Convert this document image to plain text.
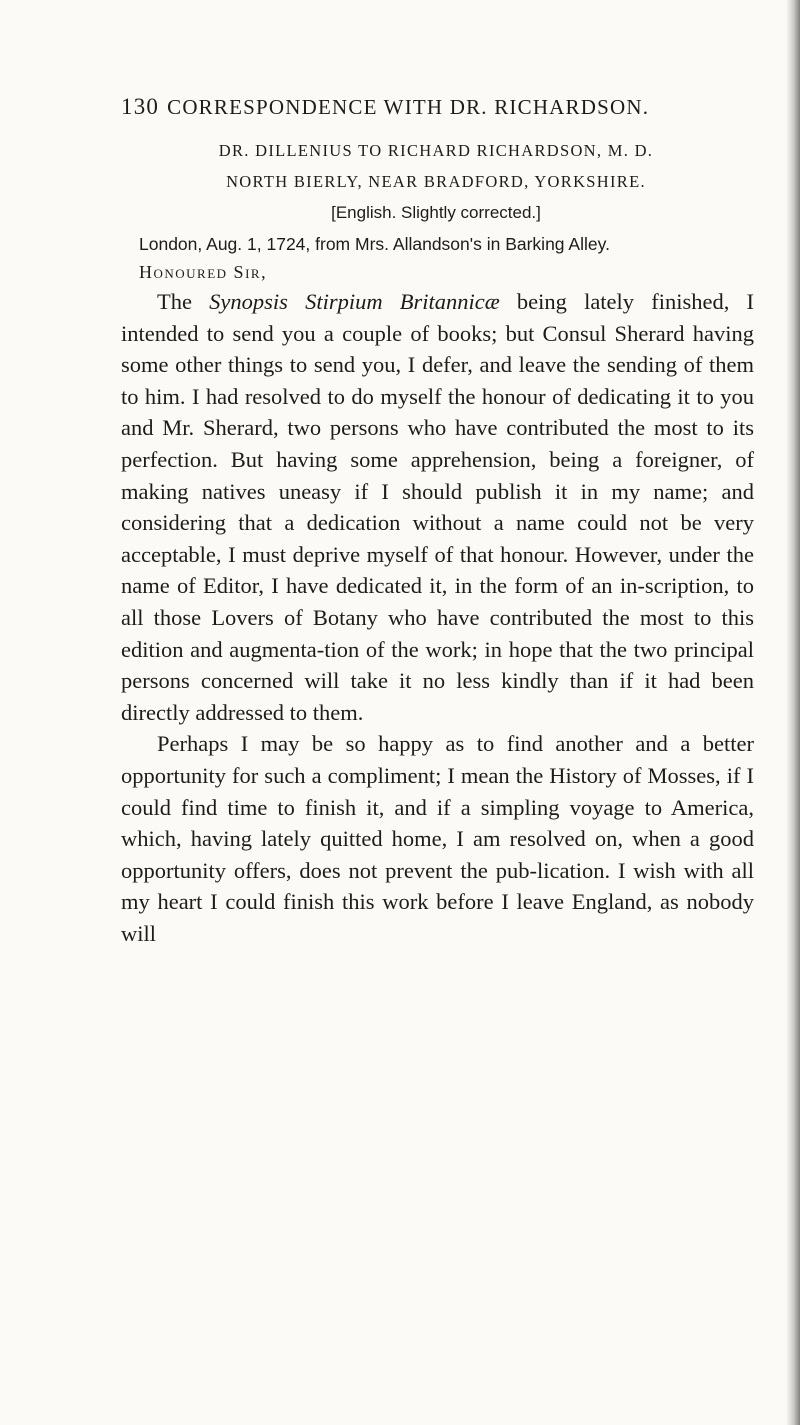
130 CORRESPONDENCE WITH DR. RICHARDSON.
DR. DILLENIUS TO RICHARD RICHARDSON, M. D.
NORTH BIERLY, NEAR BRADFORD, YORKSHIRE.
[English. Slightly corrected.]
London, Aug. 1, 1724, from Mrs. Allandson's in Barking Alley.
Honoured Sir,

The Synopsis Stirpium Britannicæ being lately finished, I intended to send you a couple of books; but Consul Sherard having some other things to send you, I defer, and leave the sending of them to him. I had resolved to do myself the honour of dedicating it to you and Mr. Sherard, two persons who have contributed the most to its perfection. But having some apprehension, being a foreigner, of making natives uneasy if I should publish it in my name; and considering that a dedication without a name could not be very acceptable, I must deprive myself of that honour. However, under the name of Editor, I have dedicated it, in the form of an in-scription, to all those Lovers of Botany who have contributed the most to this edition and augmenta-tion of the work; in hope that the two principal persons concerned will take it no less kindly than if it had been directly addressed to them.

Perhaps I may be so happy as to find another and a better opportunity for such a compliment; I mean the History of Mosses, if I could find time to finish it, and if a simpling voyage to America, which, having lately quitted home, I am resolved on, when a good opportunity offers, does not prevent the pub-lication. I wish with all my heart I could finish this work before I leave England, as nobody will
